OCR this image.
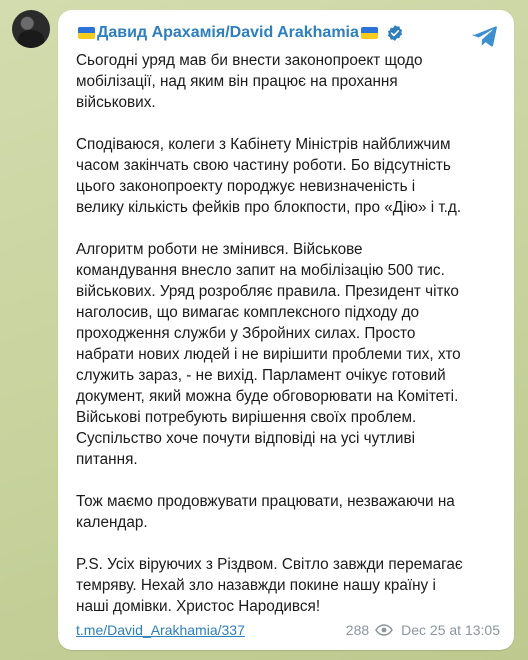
Давид Арахамія/David Arakhamia

Сьогодні уряд мав би внести законопроект щодо
мобілізації, над яким він працює на прохання
військових.

Сподіваюся, колеги з Кабінету Міністрів найближчим
часом закінчать свою частину роботи. Бо відсутність
цього законопроекту породжує невизначеність і
велику кількість фейків про блокпости, про «Дію» і т.д.

Алгоритм роботи не змінився. Військове
командування внесло запит на мобілізацію 500 тис.
військових. Уряд розробляє правила. Президент чітко
наголосив, що вимагає комплексного підходу до
проходження служби у Збройних силах. Просто
набрати нових людей і не вирішити проблеми тих, хто
служить зараз, - не вихід. Парламент очікує готовий
документ, який можна буде обговорювати на Комітеті.
Військові потребують вирішення своїх проблем.
Суспільство хоче почути відповіді на усі чутливі
питання.

Тож маємо продовжувати працювати, незважаючи на
календар.

P.S. Усіх віруючих з Різдвом. Світло завжди перемагає
темряву. Нехай зло назавжди покине нашу країну і
наші домівки. Христос Народився!

t.me/David_Arakhamia/337	288 Dec 25 at 13:05
